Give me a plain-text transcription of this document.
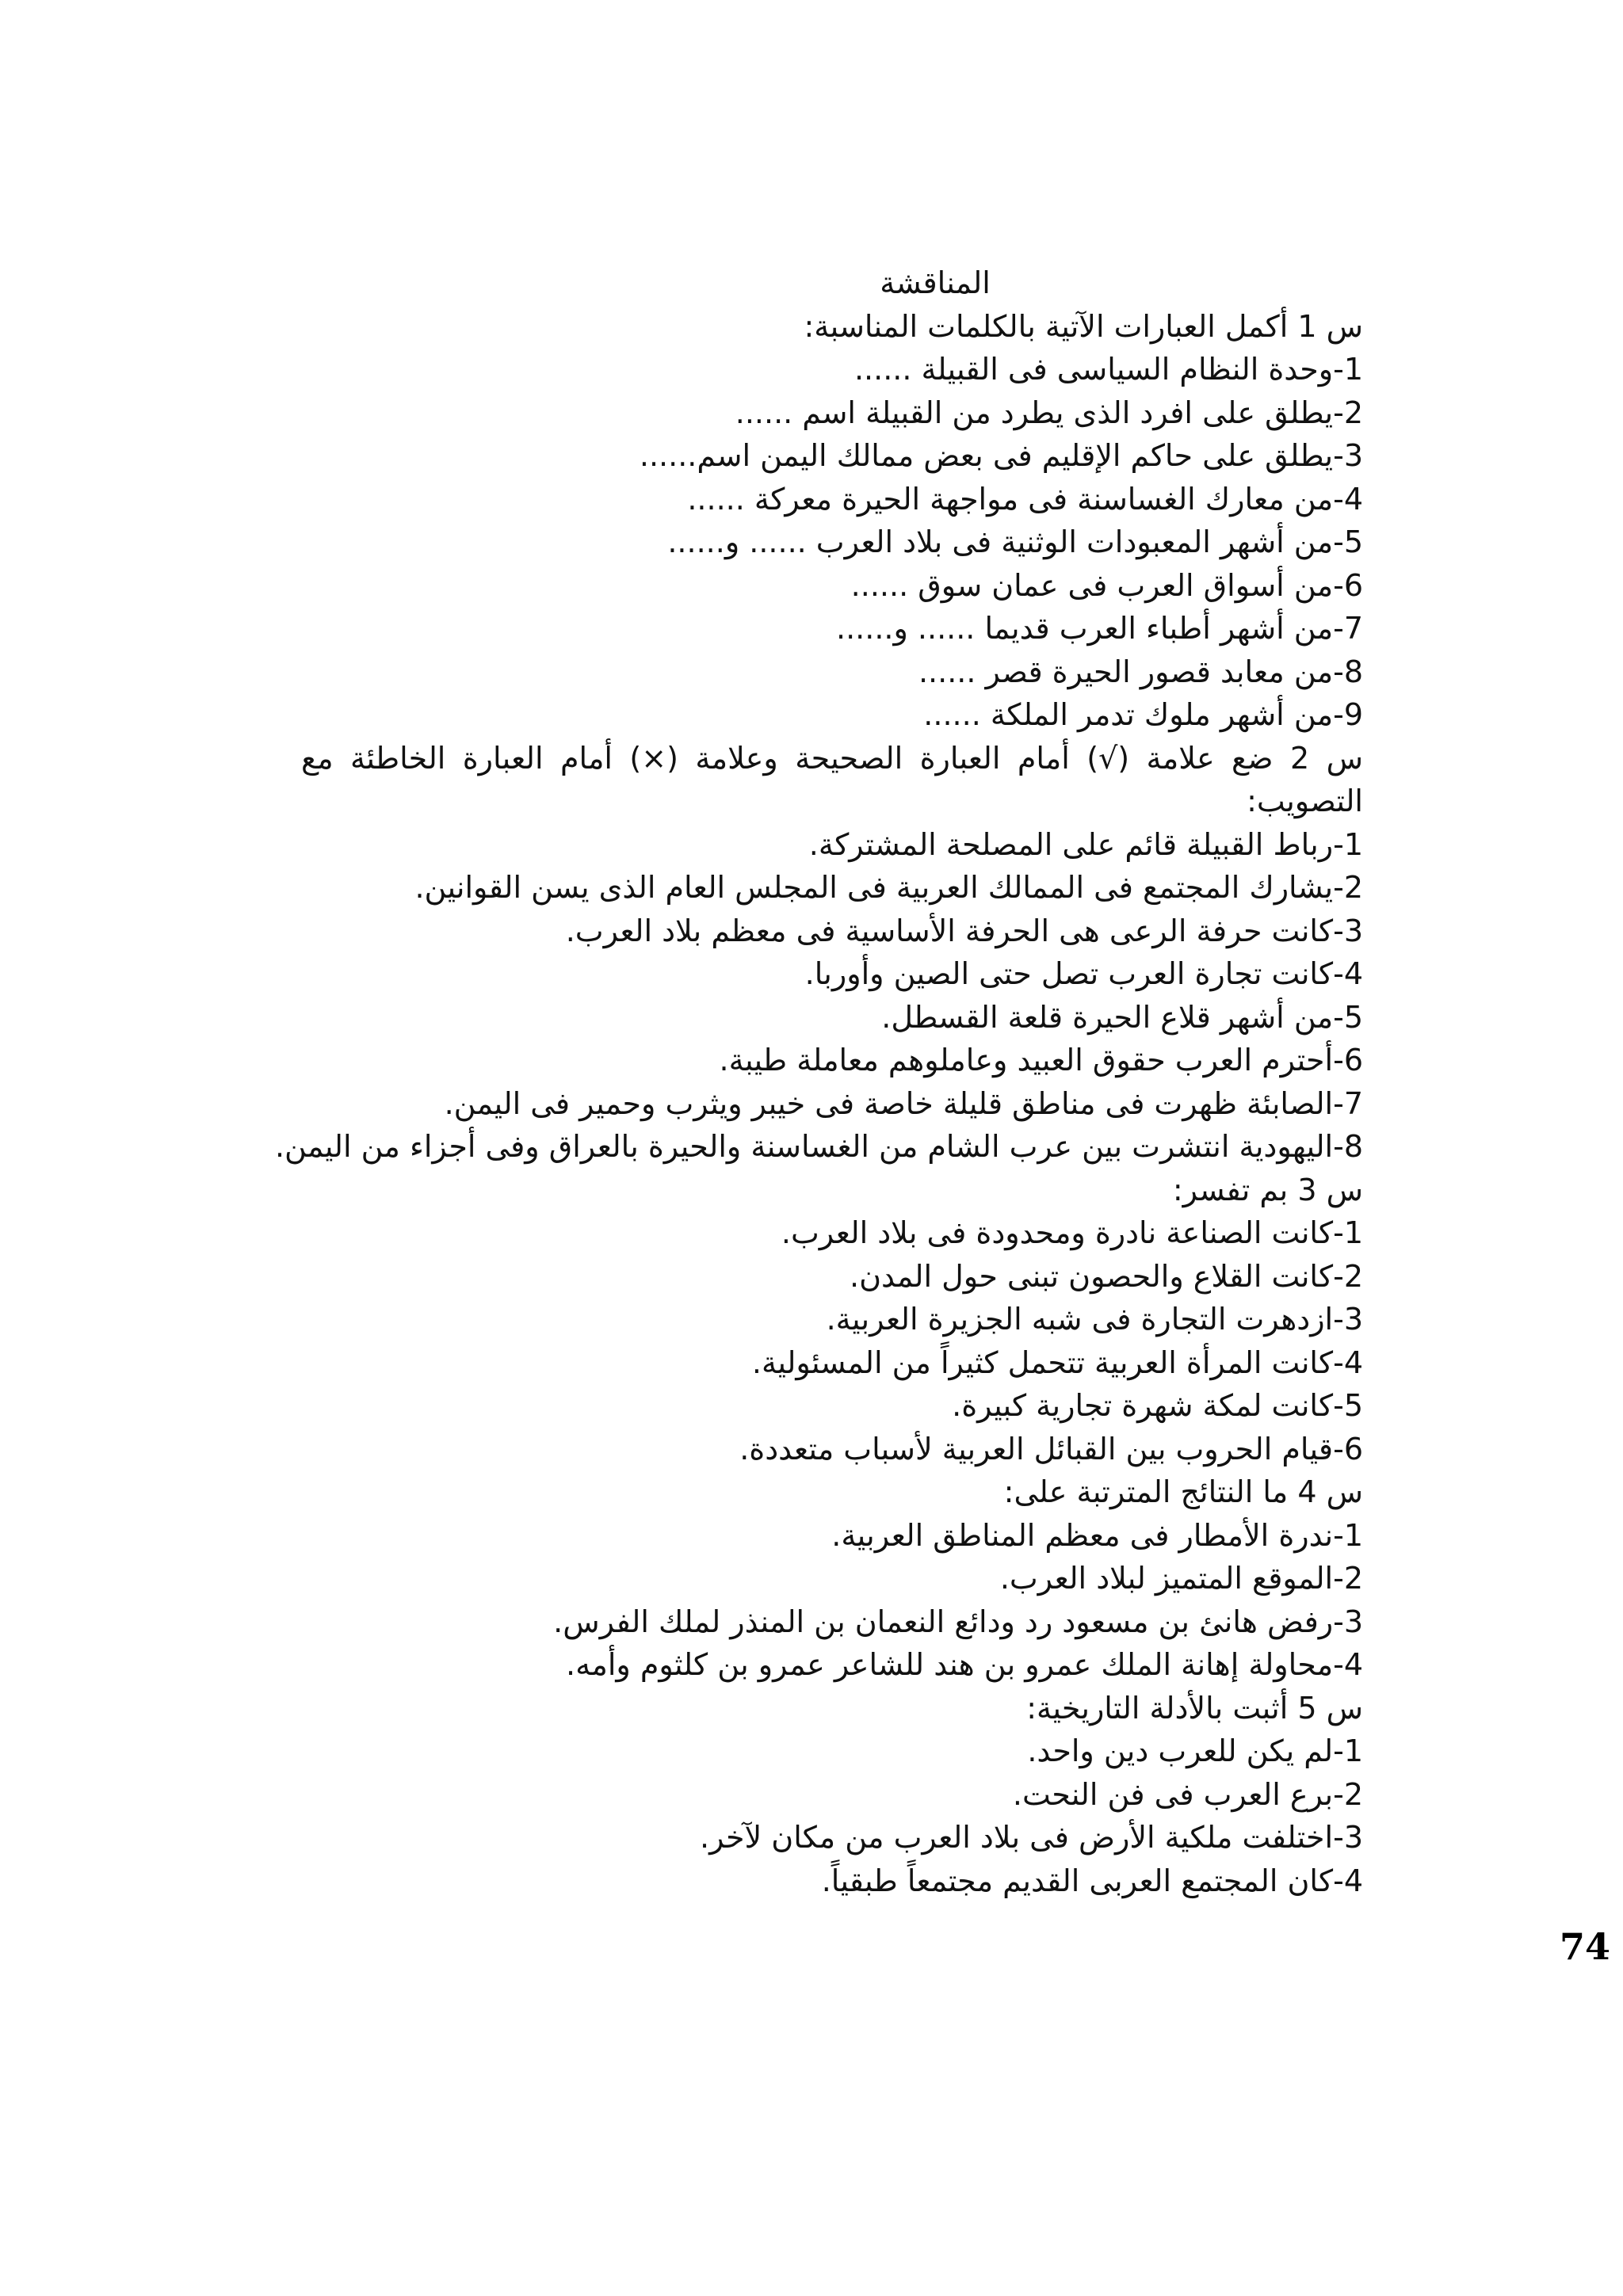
المناقشة

س 1 أكمل العبارات الآتية بالكلمات المناسبة:

1-وحدة النظام السياسى فى القبيلة ......

2-يطلق على افرد الذى يطرد من القبيلة اسم ......

3-يطلق على حاكم الإقليم فى بعض ممالك اليمن اسم......

4-من معارك الغساسنة فى مواجهة الحيرة معركة ......

5-من أشهر المعبودات الوثنية فى بلاد العرب ...... و......

6-من أسواق العرب فى عمان سوق ......

7-من أشهر أطباء العرب قديما ...... و......

8-من معابد قصور الحيرة قصر ......

9-من أشهر ملوك تدمر الملكة ......

س 2 ضع علامة (√) أمام العبارة الصحيحة وعلامة (×) أمام العبارة الخاطئة مع

التصويب:

1-رباط القبيلة قائم على المصلحة المشتركة.

2-يشارك المجتمع فى الممالك العربية فى المجلس العام الذى يسن القوانين.

3-كانت حرفة الرعى هى الحرفة الأساسية فى معظم بلاد العرب.

4-كانت تجارة العرب تصل حتى الصين وأوربا.

5-من أشهر قلاع الحيرة قلعة القسطل.

6-أحترم العرب حقوق العبيد وعاملوهم معاملة طيبة.

7-الصابئة ظهرت فى مناطق قليلة خاصة فى خيبر ويثرب وحمير فى اليمن.

8-اليهودية انتشرت بين عرب الشام من الغساسنة والحيرة بالعراق وفى أجزاء من اليمن.

س 3 بم تفسر:

1-كانت الصناعة نادرة ومحدودة فى بلاد العرب.

2-كانت القلاع والحصون تبنى حول المدن.

3-ازدهرت التجارة فى شبه الجزيرة العربية.

4-كانت المرأة العربية تتحمل كثيراً من المسئولية.

5-كانت لمكة شهرة تجارية كبيرة.

6-قيام الحروب بين القبائل العربية لأسباب متعددة.

س 4 ما النتائج المترتبة على:

1-ندرة الأمطار فى معظم المناطق العربية.

2-الموقع المتميز لبلاد العرب.

3-رفض هانئ بن مسعود رد ودائع النعمان بن المنذر لملك الفرس.

4-محاولة إهانة الملك عمرو بن هند للشاعر عمرو بن كلثوم وأمه.

س 5 أثبت بالأدلة التاريخية:

1-لم يكن للعرب دين واحد.

2-برع العرب فى فن النحت.

3-اختلفت ملكية الأرض فى بلاد العرب من مكان لآخر.

4-كان المجتمع العربى القديم مجتمعاً طبقياً.

74
